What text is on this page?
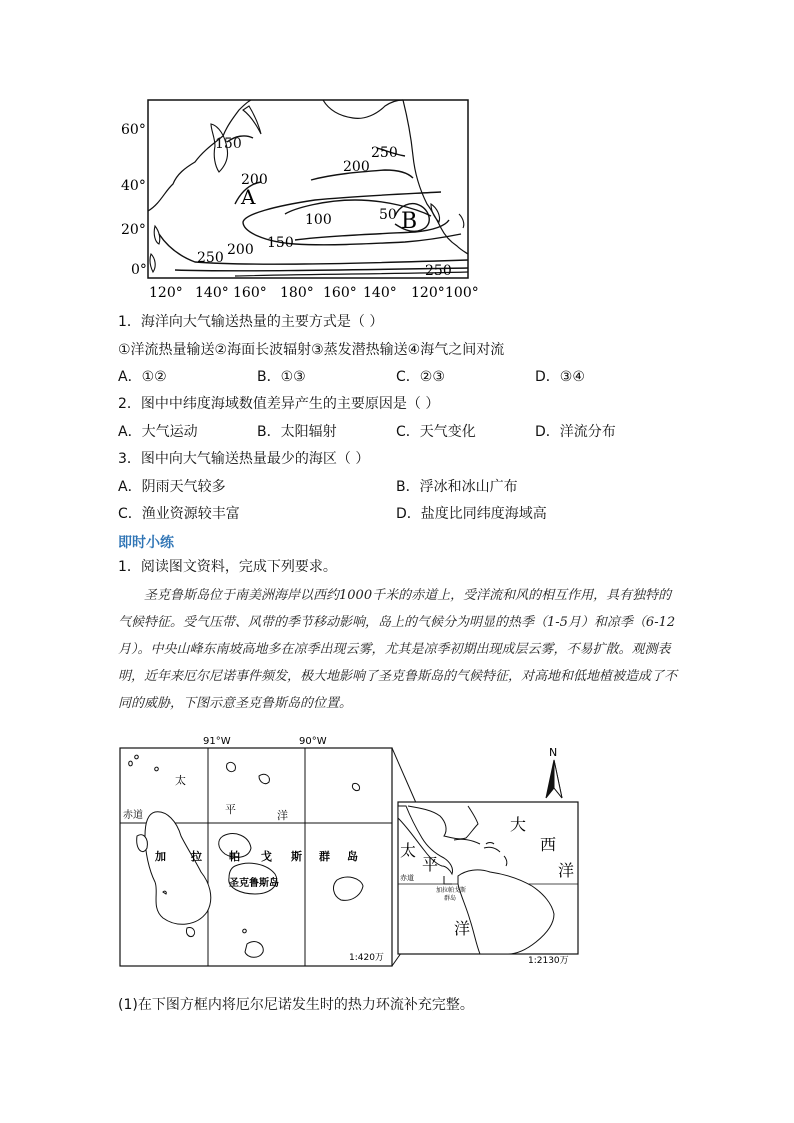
60°
40°
20°
0°
120° 140° 160° 180° 160° 140° 120° 100°
150
200
100	50
250
200
150
250
250
200
A
B
1．海洋向大气输送热量的主要方式是（ ）
①洋流热量输送②海面长波辐射③蒸发潜热输送④海气之间对流
A．①②	B．①③	C．②③	D．③④
2．图中中纬度海域数值差异产生的主要原因是（ ）
A．大气运动	B．太阳辐射	C．天气变化	D．洋流分布
3．图中向大气输送热量最少的海区（ ）
A．阴雨天气较多	B．浮冰和冰山广布
C．渔业资源较丰富	D．盐度比同纬度海域高
即时小练
1．阅读图文资料，完成下列要求。
圣克鲁斯岛位于南美洲海岸以西约1000千米的赤道上，受洋流和风的相互作用，具有独特的气候特征。受气压带、风带的季节移动影响，岛上的气候分为明显的热季（1-5月）和凉季（6-12月）。中央山峰东南坡高地多在凉季出现云雾，尤其是凉季初期出现成层云雾，不易扩散。观测表明，近年来厄尔尼诺事件频发，极大地影响了圣克鲁斯岛的气候特征，对高地和低地植被造成了不同的威胁，下图示意圣克鲁斯岛的位置。
91°W	90°W
赤道
太
平	洋
加 拉 帕 戈 斯 群 岛
圣克鲁斯岛
1:420万
N
大
西
洋
太
平
洋
赤道
加拉帕戈斯
群岛
1:2130万
(1)在下图方框内将厄尔尼诺发生时的热力环流补充完整。
